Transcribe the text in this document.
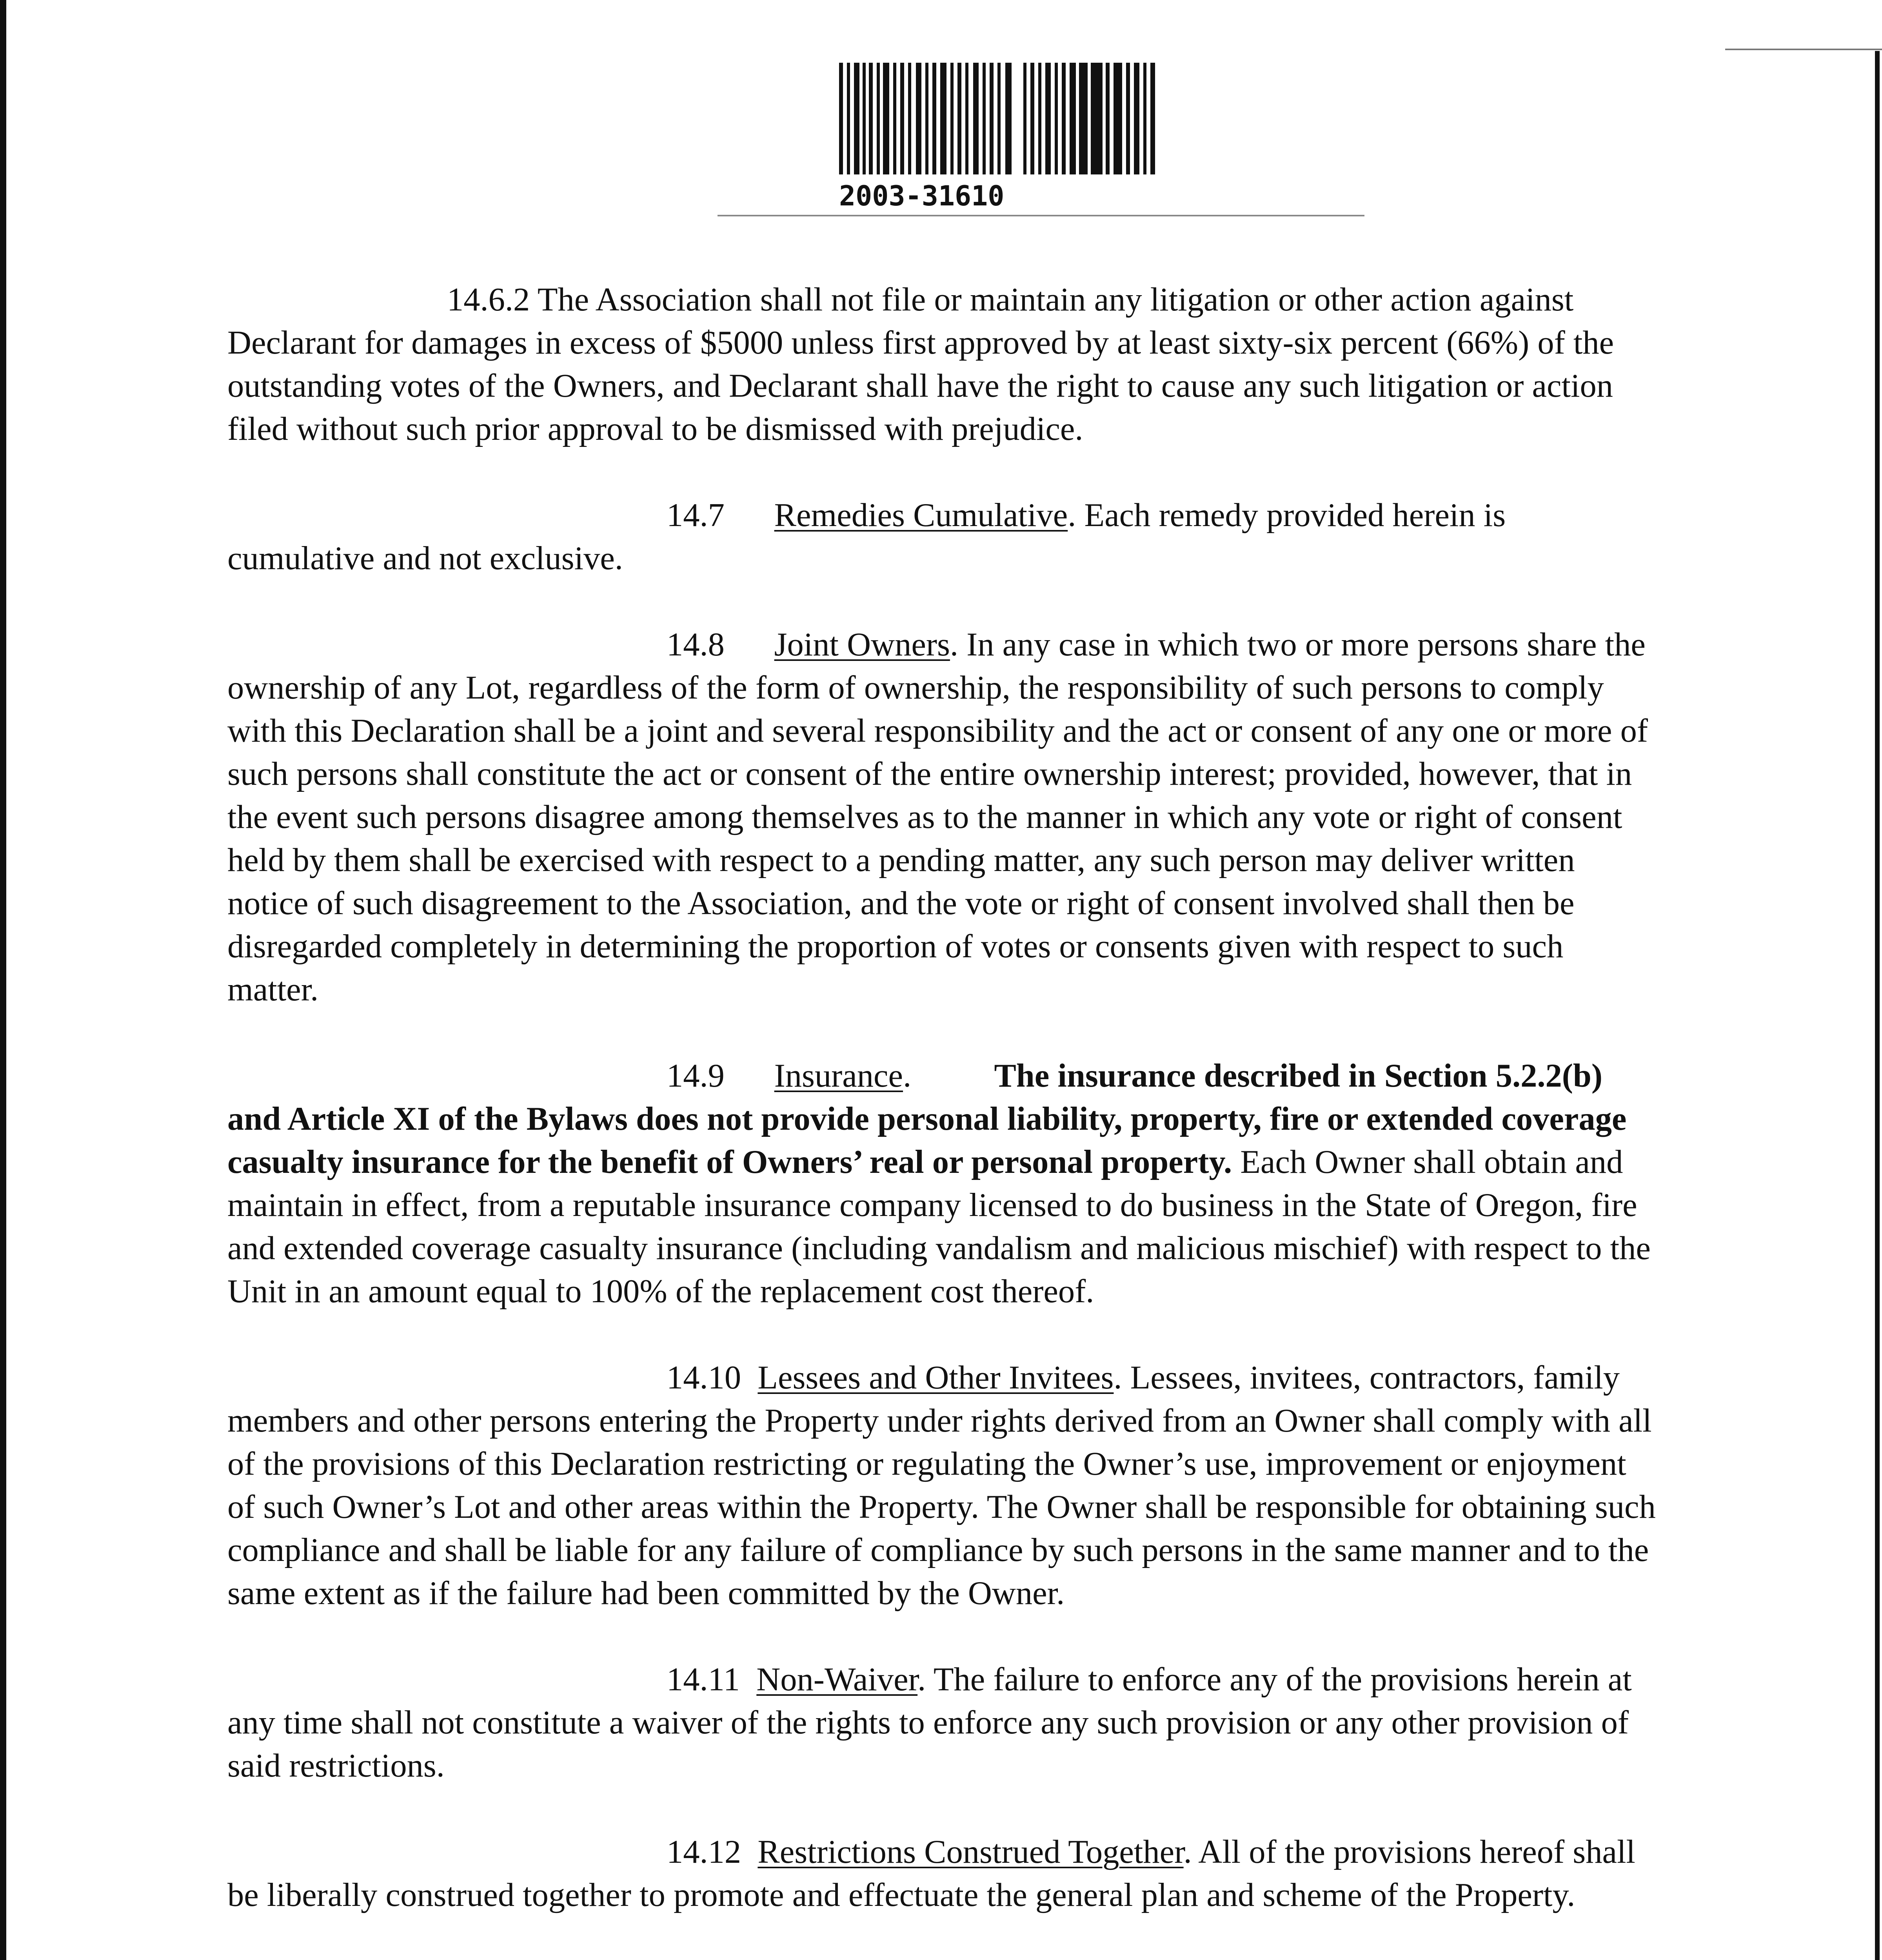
2003-31610

14.6.2 The Association shall not file or maintain any litigation or other action against Declarant for damages in excess of $5000 unless first approved by at least sixty-six percent (66%) of the outstanding votes of the Owners, and Declarant shall have the right to cause any such litigation or action filed without such prior approval to be dismissed with prejudice.

14.7 Remedies Cumulative. Each remedy provided herein is cumulative and not exclusive.

14.8 Joint Owners. In any case in which two or more persons share the ownership of any Lot, regardless of the form of ownership, the responsibility of such persons to comply with this Declaration shall be a joint and several responsibility and the act or consent of any one or more of such persons shall constitute the act or consent of the entire ownership interest; provided, however, that in the event such persons disagree among themselves as to the manner in which any vote or right of consent held by them shall be exercised with respect to a pending matter, any such person may deliver written notice of such disagreement to the Association, and the vote or right of consent involved shall then be disregarded completely in determining the proportion of votes or consents given with respect to such matter.

14.9 Insurance.	The insurance described in Section 5.2.2(b) and Article XI of the Bylaws does not provide personal liability, property, fire or extended coverage casualty insurance for the benefit of Owners’ real or personal property. Each Owner shall obtain and maintain in effect, from a reputable insurance company licensed to do business in the State of Oregon, fire and extended coverage casualty insurance (including vandalism and malicious mischief) with respect to the Unit in an amount equal to 100% of the replacement cost thereof.

14.10 Lessees and Other Invitees. Lessees, invitees, contractors, family members and other persons entering the Property under rights derived from an Owner shall comply with all of the provisions of this Declaration restricting or regulating the Owner’s use, improvement or enjoyment of such Owner’s Lot and other areas within the Property. The Owner shall be responsible for obtaining such compliance and shall be liable for any failure of compliance by such persons in the same manner and to the same extent as if the failure had been committed by the Owner.

14.11 Non-Waiver. The failure to enforce any of the provisions herein at any time shall not constitute a waiver of the rights to enforce any such provision or any other provision of said restrictions.

14.12 Restrictions Construed Together. All of the provisions hereof shall be liberally construed together to promote and effectuate the general plan and scheme of the Property.
